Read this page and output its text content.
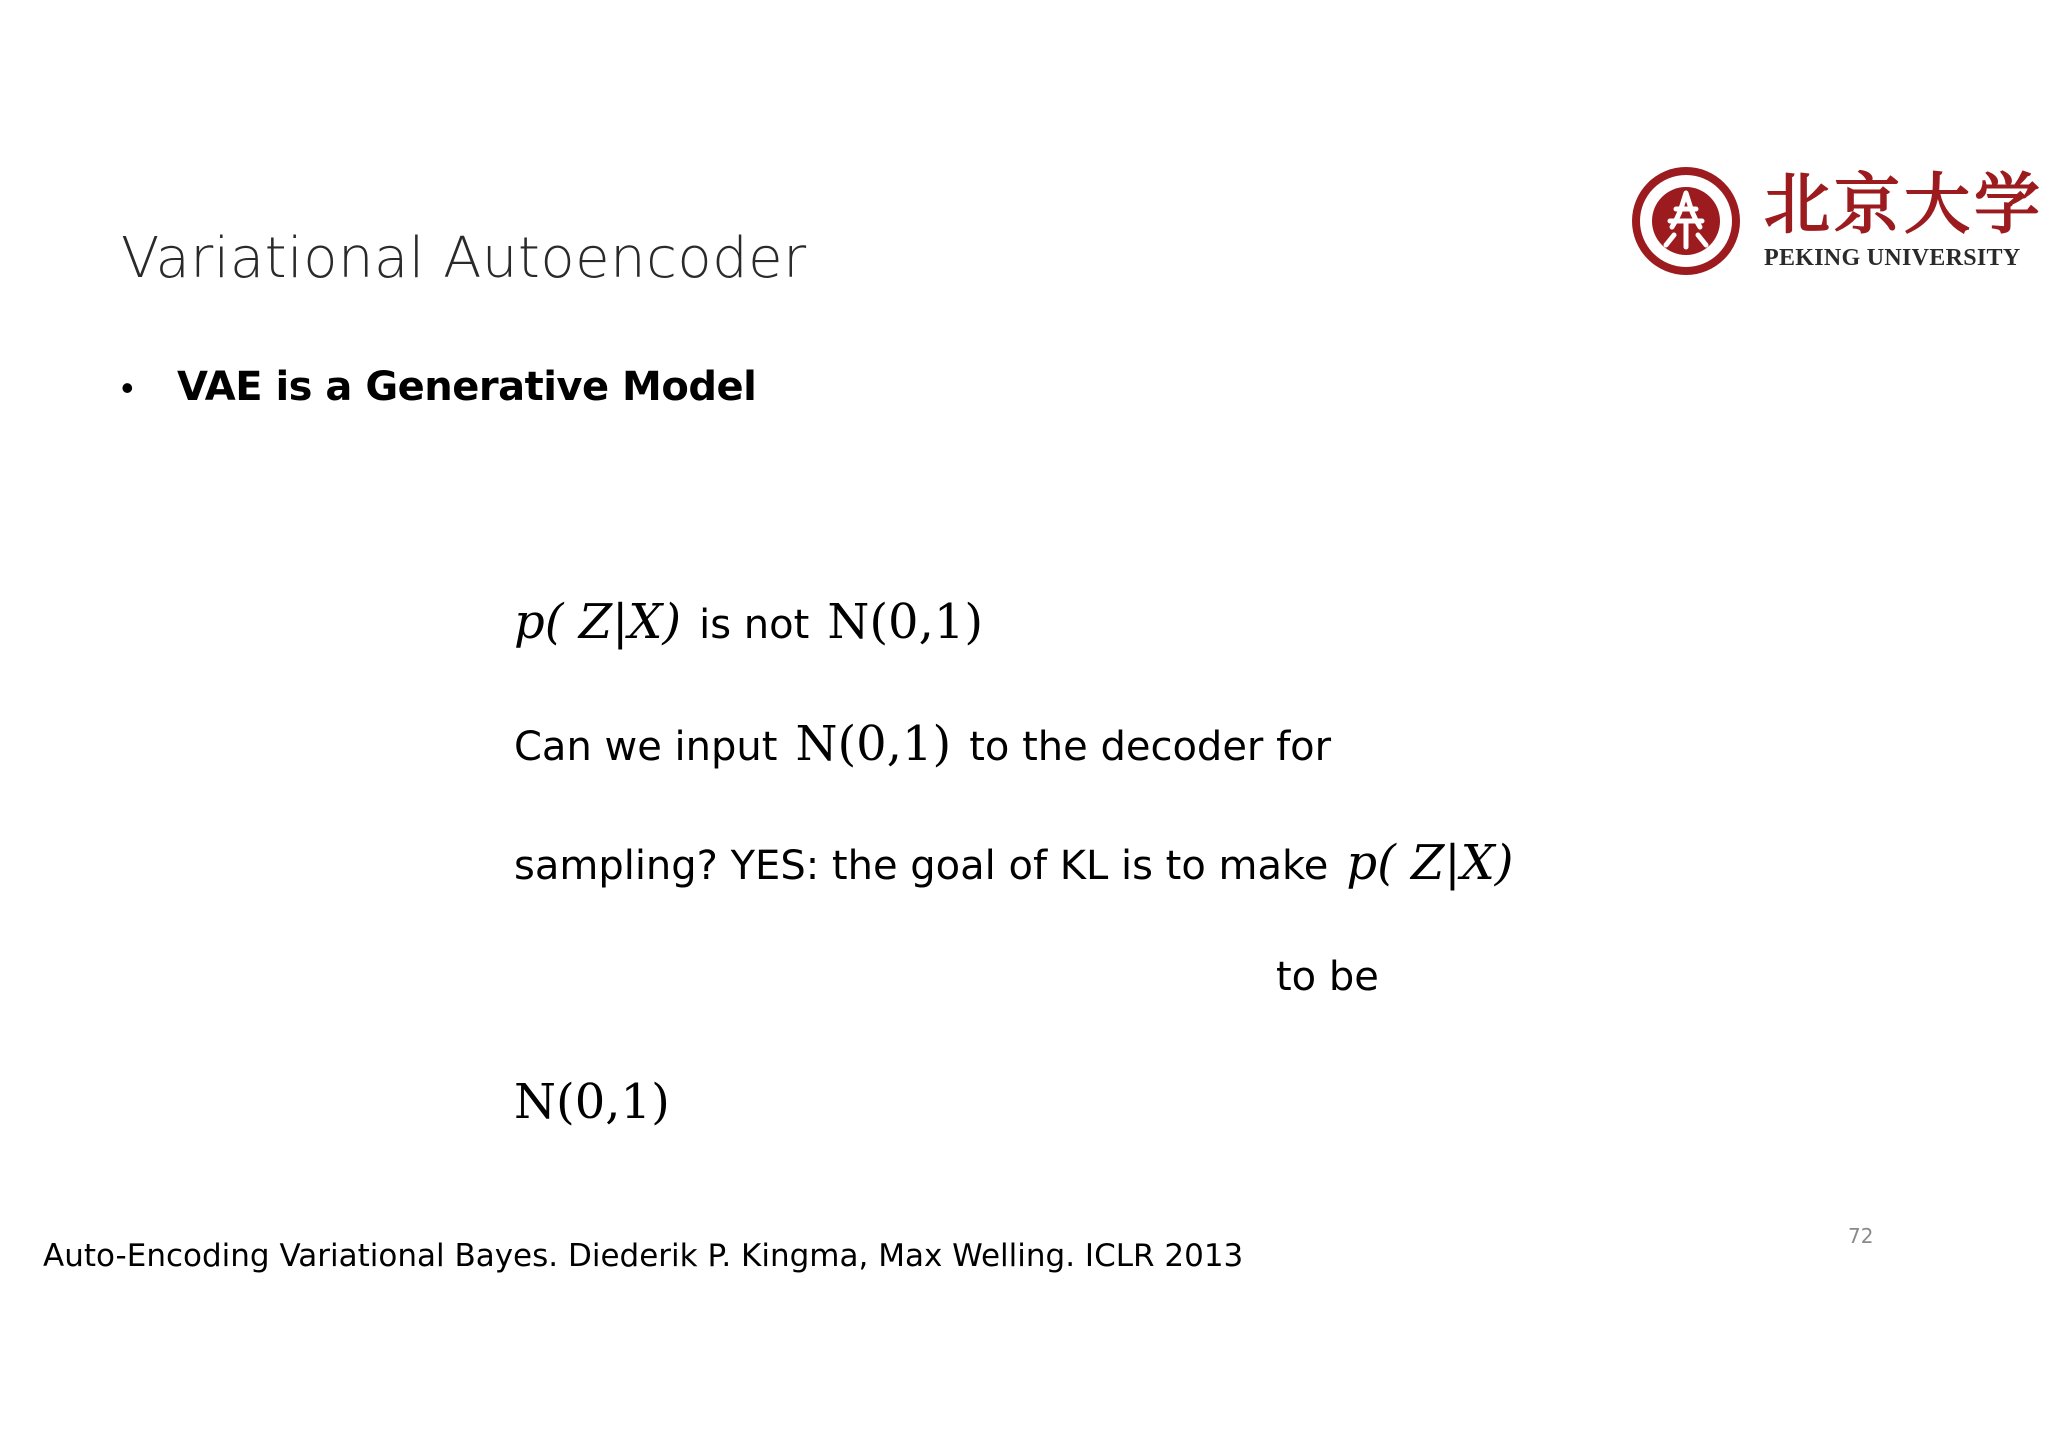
北京大学
PEKING UNIVERSITY
Variational Autoencoder
•	VAE is a Generative Model
p( Z|X) is not N(0,1)
Can we input N(0,1) to the decoder for
sampling? YES: the goal of KL is to make p( Z|X)
to be
N(0,1)
72
Auto-Encoding Variational Bayes. Diederik P. Kingma, Max Welling. ICLR 2013
